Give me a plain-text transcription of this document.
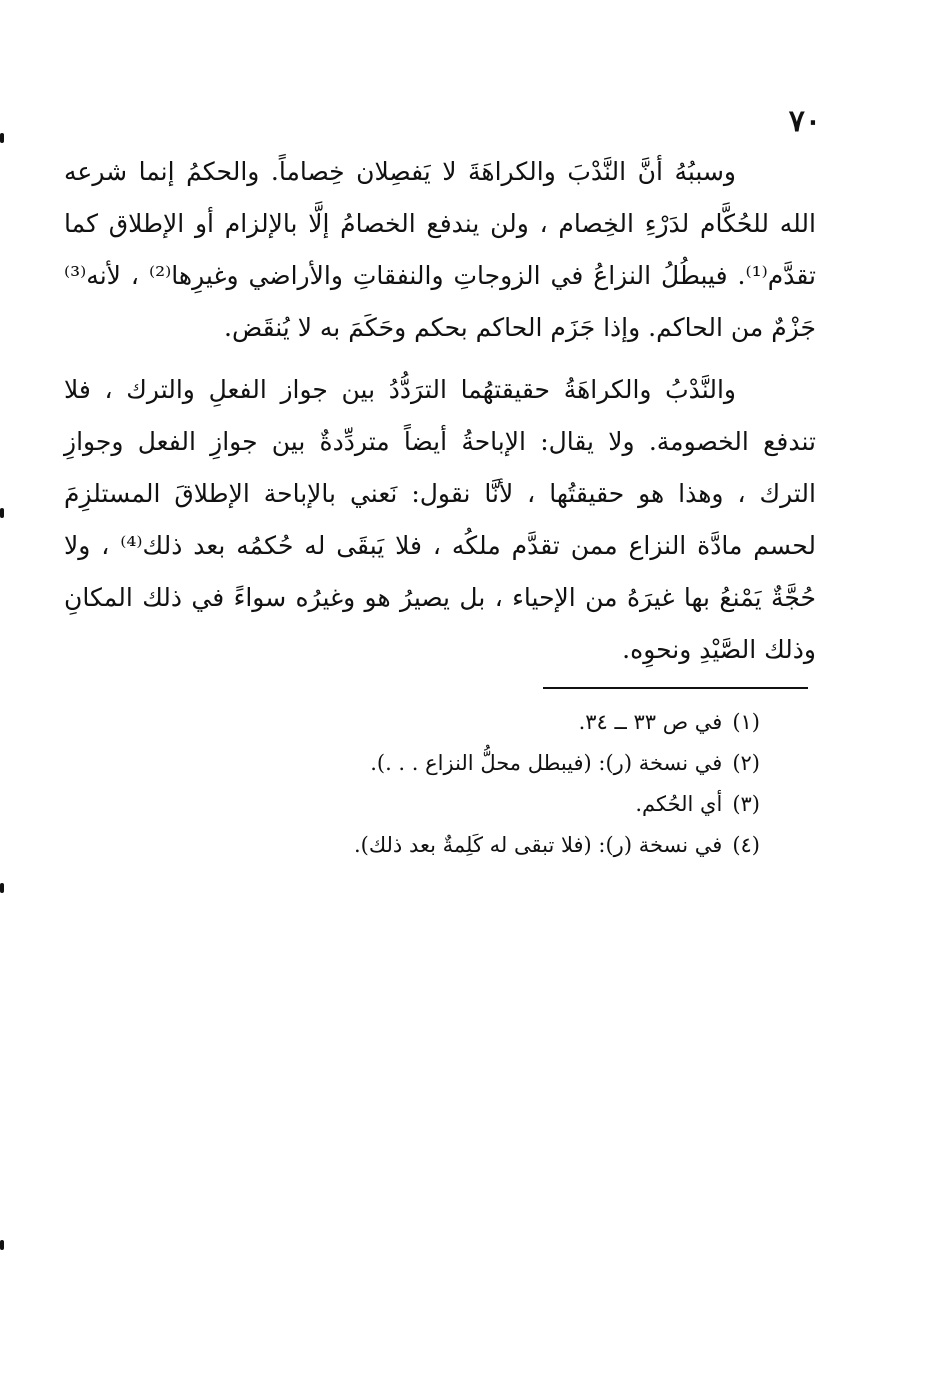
٧٠

وسببُهُ أنَّ النَّدْبَ والكراهَةَ لا يَفصِلان خِصاماً. والحكمُ إنما شرعه الله للحُكَّام لدَرْءِ الخِصام ، ولن يندفع الخصامُ إلَّا بالإلزام أو الإطلاق كما تقدَّم⁽¹⁾. فيبطُلُ النزاعُ في الزوجاتِ والنفقاتِ والأراضي وغيرِها⁽²⁾ ، لأنه⁽³⁾ جَزْمٌ من الحاكم. وإذا جَزَم الحاكم بحكم وحَكَمَ به لا يُنقَض.

والنَّدْبُ والكراهَةُ حقيقتهُما الترَدُّدُ بين جواز الفعلِ والترك ، فلا تندفع الخصومة. ولا يقال: الإباحةُ أيضاً متردِّدةٌ بين جوازِ الفعل وجوازِ الترك ، وهذا هو حقيقتُها ، لأنَّا نقول: نَعني بالإباحة الإطلاقَ المستلزِمَ لحسم مادَّة النزاع ممن تقدَّم ملكُه ، فلا يَبقَى له حُكمُه بعد ذلك⁽⁴⁾ ، ولا حُجَّةٌ يَمْنعُ بها غيرَهُ من الإحياء ، بل يصيرُ هو وغيرُه سواءً في ذلك المكانِ وذلك الصَّيْدِ ونحوِه.

(١)في ص ٣٣ ــ ٣٤.

(٢)في نسخة (ر): (فيبطل محلُّ النزاع . . .).

(٣)أي الحُكم.

(٤)في نسخة (ر): (فلا تبقى له كَلِمةٌ بعد ذلك).
